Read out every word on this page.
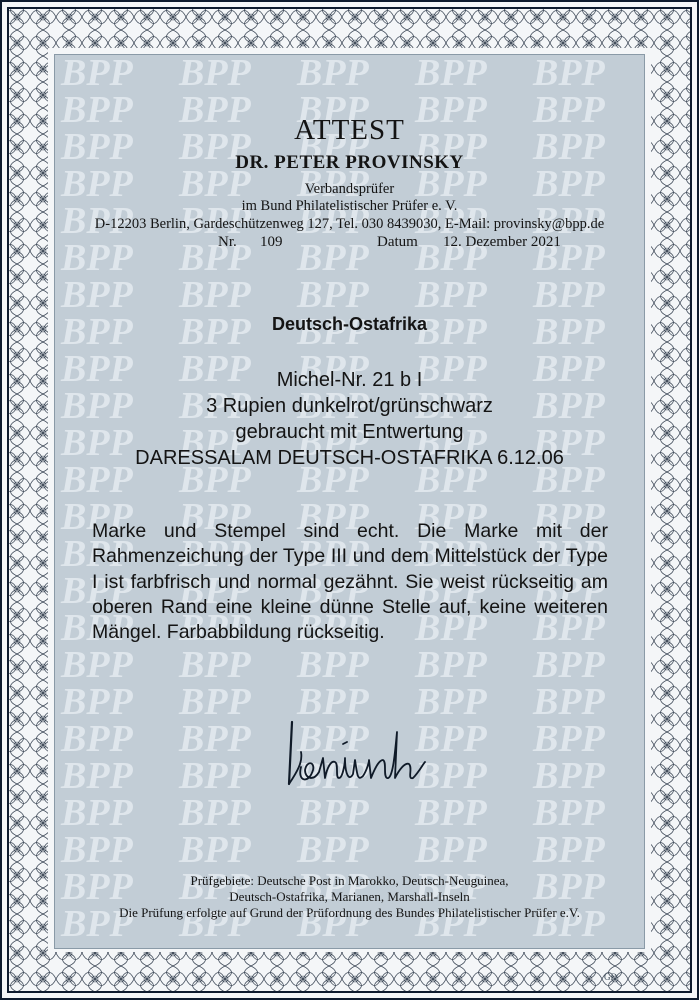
ATTEST
DR. PETER PROVINSKY
Verbandsprüfer
im Bund Philatelistischer Prüfer e. V.
D-12203 Berlin, Gardeschützenweg 127, Tel. 030 8439030, E-Mail: provinsky@bpp.de
Nr. 109	Datum 12. Dezember 2021
Deutsch-Ostafrika
Michel-Nr. 21 b I
3 Rupien dunkelrot/grünschwarz
gebraucht mit Entwertung
DARESSALAM DEUTSCH-OSTAFRIKA 6.12.06
Marke und Stempel sind echt. Die Marke mit der Rahmenzeichung der Type III und dem Mittelstück der Type I ist farbfrisch und normal gezähnt. Sie weist rückseitig am oberen Rand eine kleine dünne Stelle auf, keine weiteren Mängel. Farbabbildung rückseitig.
Prüfgebiete: Deutsche Post in Marokko, Deutsch-Neuguinea,
Deutsch-Ostafrika, Marianen, Marshall-Inseln
Die Prüfung erfolgte auf Grund der Prüfordnung des Bundes Philatelistischer Prüfer e.V.
GD
